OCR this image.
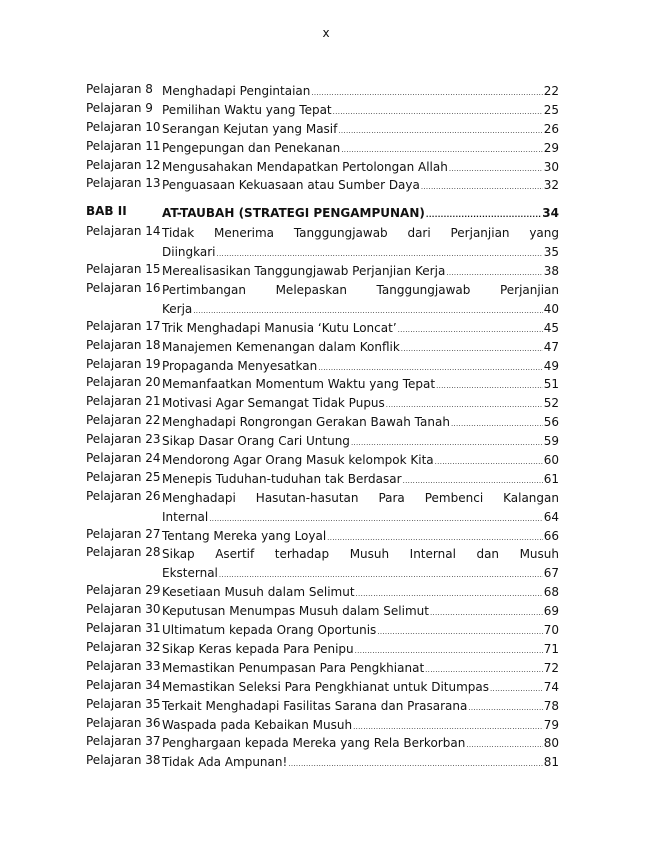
x
Pelajaran 8 Menghadapi Pengintaian .....	22
Pelajaran 9 Pemilihan Waktu yang Tepat .....	25
Pelajaran 10 Serangan Kejutan yang Masif .....	26
Pelajaran 11 Pengepungan dan Penekanan .....	29
Pelajaran 12 Mengusahakan Mendapatkan Pertolongan Allah .....	30
Pelajaran 13 Penguasaan Kekuasaan atau Sumber Daya .....	32
BAB II	AT-TAUBAH (STRATEGI PENGAMPUNAN) .....	34
Pelajaran 14 Tidak Menerima Tanggungjawab dari Perjanjian yang
Diingkari .....	35
Pelajaran 15 Merealisasikan Tanggungjawab Perjanjian Kerja .....	38
Pelajaran 16 Pertimbangan Melepaskan Tanggungjawab Perjanjian
Kerja .....	40
Pelajaran 17 Trik Menghadapi Manusia ‘Kutu Loncat’ .....	45
Pelajaran 18 Manajemen Kemenangan dalam Konflik .....	47
Pelajaran 19 Propaganda Menyesatkan .....	49
Pelajaran 20 Memanfaatkan Momentum Waktu yang Tepat .....	51
Pelajaran 21 Motivasi Agar Semangat Tidak Pupus .....	52
Pelajaran 22 Menghadapi Rongrongan Gerakan Bawah Tanah .....	56
Pelajaran 23 Sikap Dasar Orang Cari Untung .....	59
Pelajaran 24 Mendorong Agar Orang Masuk kelompok Kita .....	60
Pelajaran 25 Menepis Tuduhan-tuduhan tak Berdasar .....	61
Pelajaran 26 Menghadapi Hasutan-hasutan Para Pembenci Kalangan
Internal .....	64
Pelajaran 27 Tentang Mereka yang Loyal .....	66
Pelajaran 28 Sikap Asertif terhadap Musuh Internal dan Musuh
Eksternal .....	67
Pelajaran 29 Kesetiaan Musuh dalam Selimut .....	68
Pelajaran 30 Keputusan Menumpas Musuh dalam Selimut .....	69
Pelajaran 31 Ultimatum kepada Orang Oportunis .....	70
Pelajaran 32 Sikap Keras kepada Para Penipu .....	71
Pelajaran 33 Memastikan Penumpasan Para Pengkhianat .....	72
Pelajaran 34 Memastikan Seleksi Para Pengkhianat untuk Ditumpas .....	74
Pelajaran 35 Terkait Menghadapi Fasilitas Sarana dan Prasarana .....	78
Pelajaran 36 Waspada pada Kebaikan Musuh .....	79
Pelajaran 37 Penghargaan kepada Mereka yang Rela Berkorban .....	80
Pelajaran 38 Tidak Ada Ampunan! .....	81
